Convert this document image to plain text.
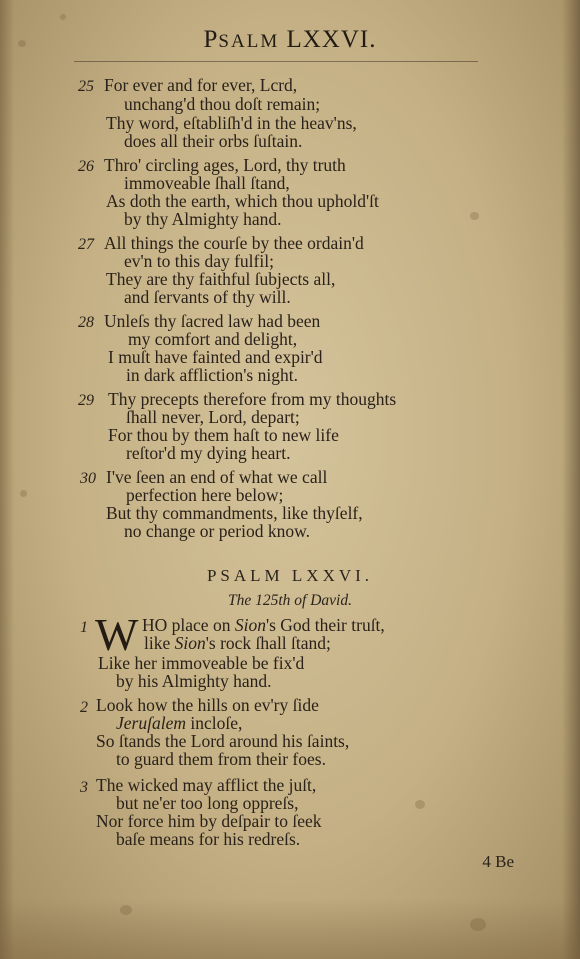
PSALM LXXVI.
25 For ever and for ever, Lcrd,
unchang'd thou doſt remain;
Thy word, eſtabliſh'd in the heav'ns,
does all their orbs ſuſtain.
26 Thro' circling ages, Lord, thy truth
immoveable ſhall ſtand,
As doth the earth, which thou uphold'ſt
by thy Almighty hand.
27 All things the courſe by thee ordain'd
ev'n to this day fulfil;
They are thy faithful ſubjects all,
and ſervants of thy will.
28 Unleſs thy ſacred law had been
my comfort and delight,
I muſt have fainted and expir'd
in dark affliction's night.
29 Thy precepts therefore from my thoughts
ſhall never, Lord, depart;
For thou by them haſt to new life
reſtor'd my dying heart.
30 I've ſeen an end of what we call
perfection here below;
But thy commandments, like thyſelf,
no change or period know.
PSALM LXXVI.
The 125th of David.
1	HO place on Sion's God their truſt,
like Sion's rock ſhall ſtand;
Like her immoveable be fix'd
by his Almighty hand.
W
2 Look how the hills on ev'ry ſide
Jeruſalem incloſe,
So ſtands the Lord around his ſaints,
to guard them from their foes.
3 The wicked may afflict the juſt,
but ne'er too long oppreſs,
Nor force him by deſpair to ſeek
baſe means for his redreſs.
4 Be
